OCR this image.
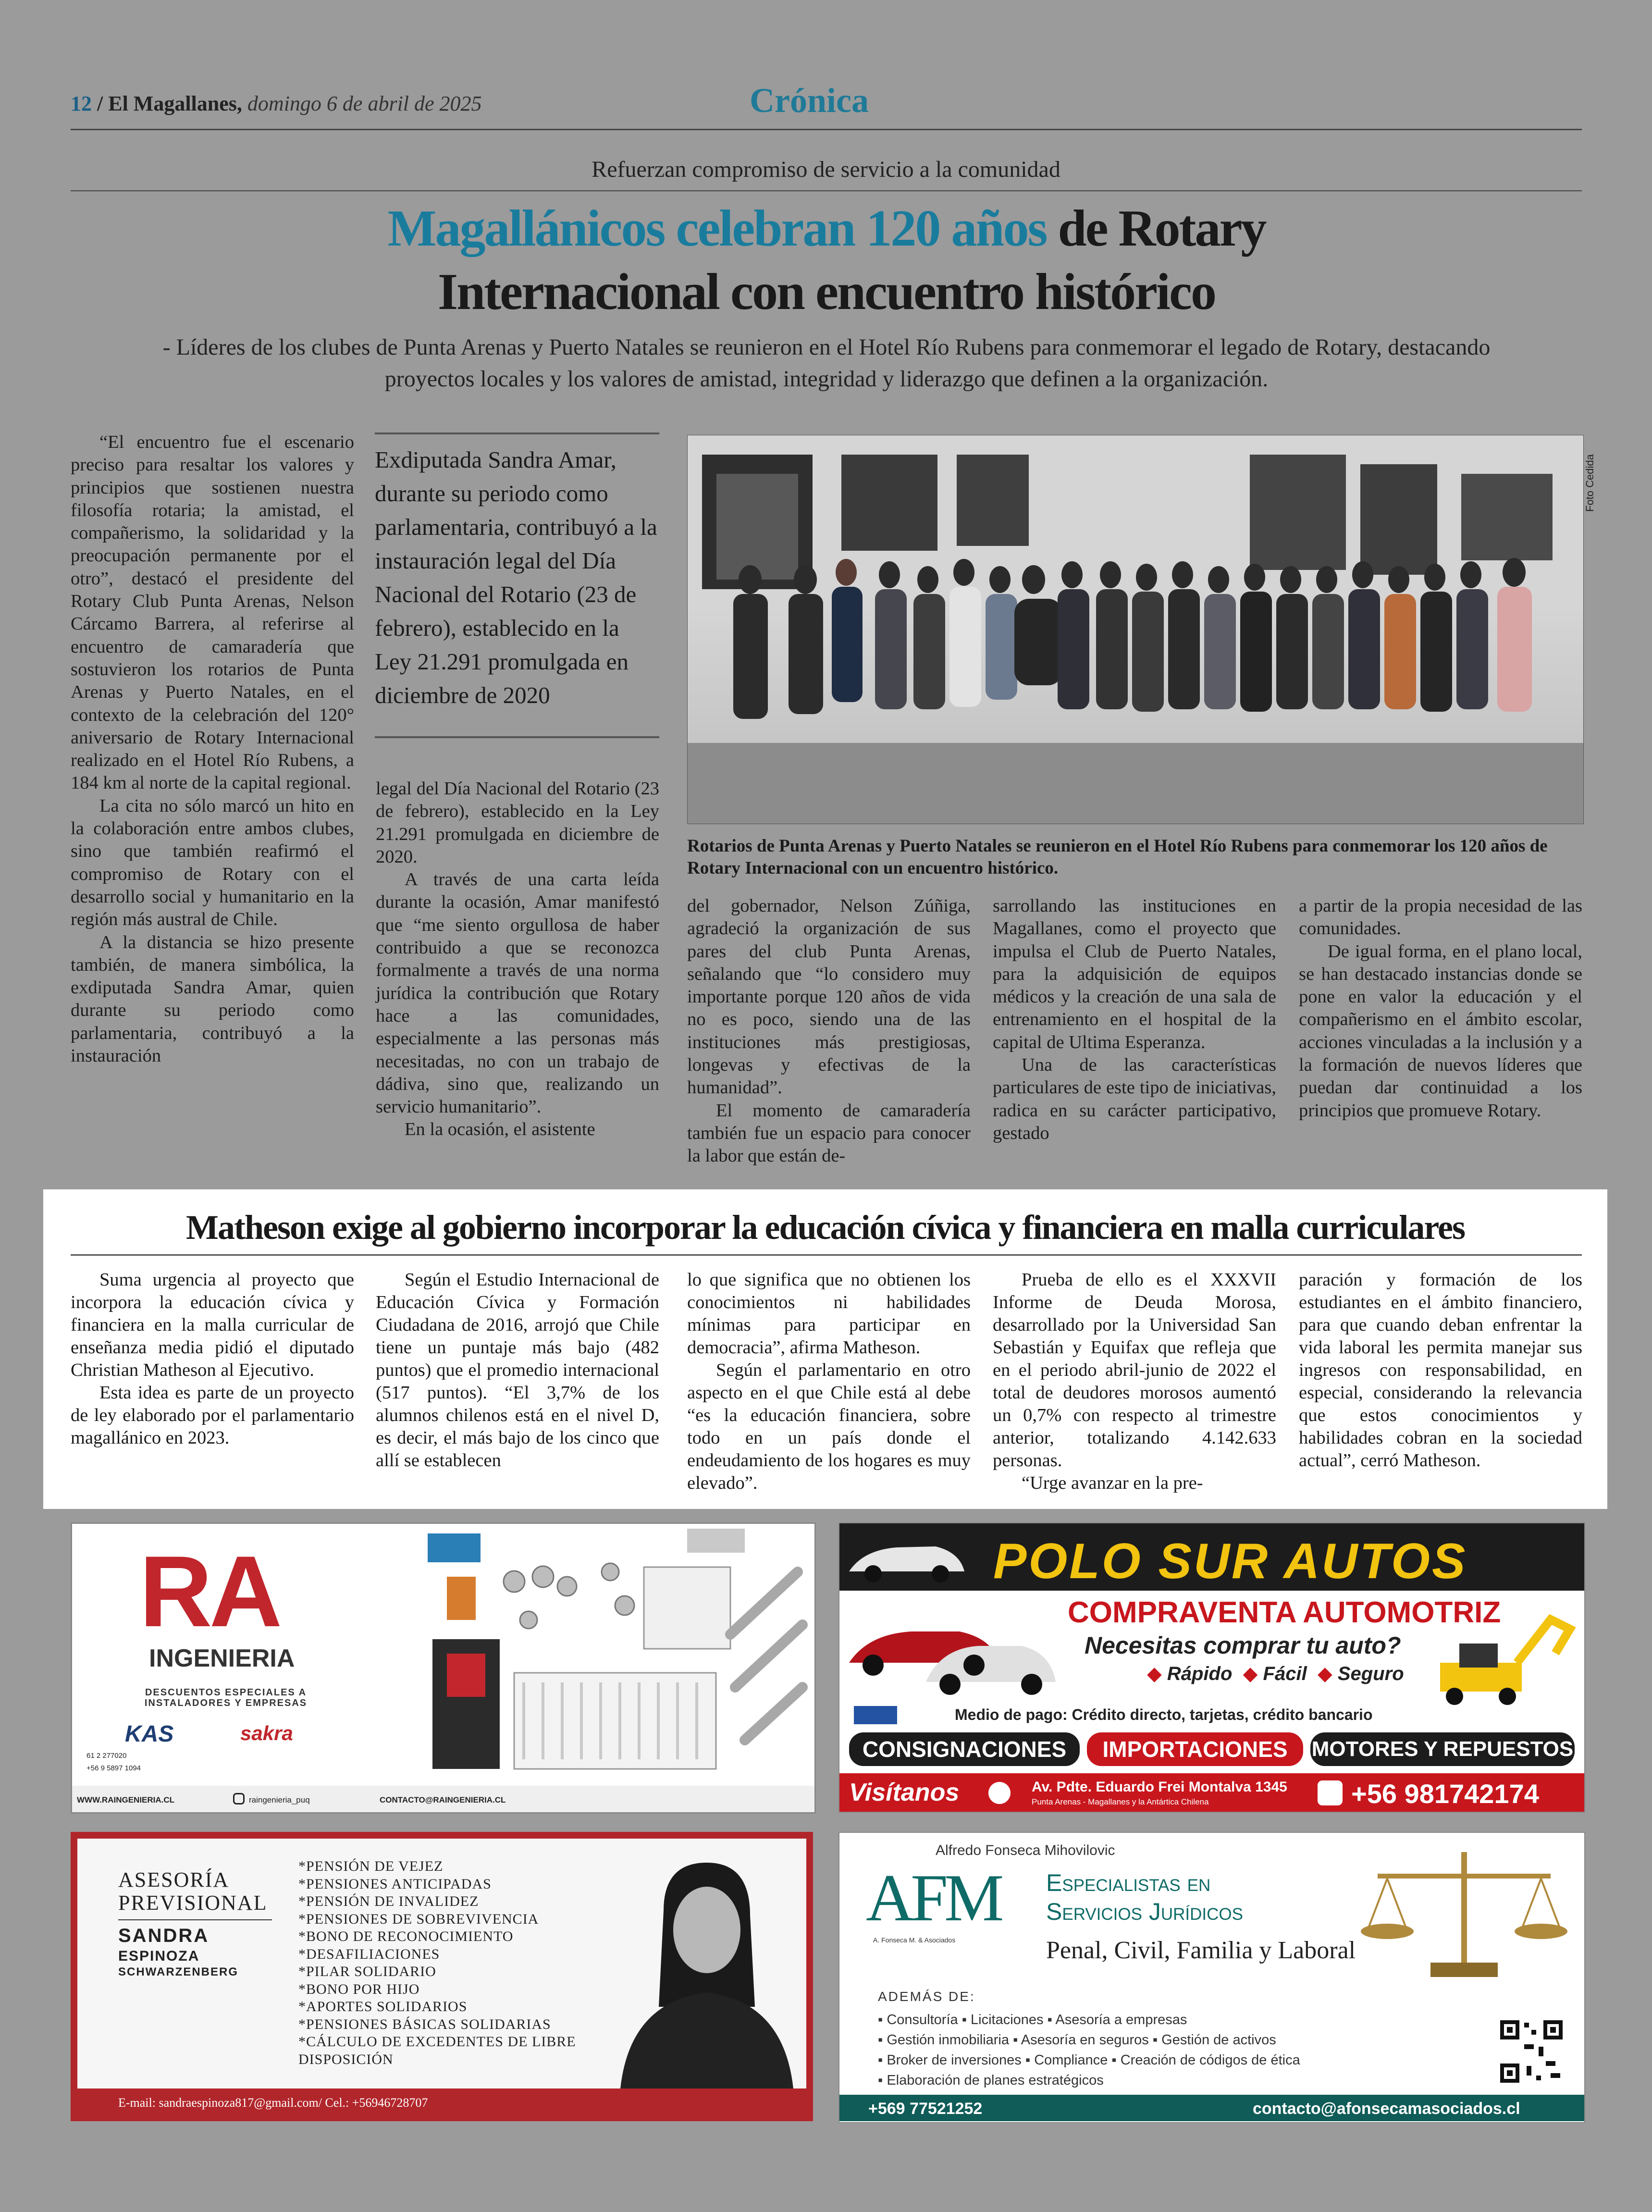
12 / El Magallanes, domingo 6 de abril de 2025	Crónica
Refuerzan compromiso de servicio a la comunidad
Magallánicos celebran 120 años de Rotary
Internacional con encuentro histórico
- Líderes de los clubes de Punta Arenas y Puerto Natales se reunieron en el Hotel Río Rubens para conmemorar el legado de Rotary, destacando proyectos locales y los valores de amistad, integridad y liderazgo que definen a la organización.

“El encuentro fue el escenario preciso para resaltar los valores y principios que sostienen nuestra filosofía rotaria; la amistad, el compañerismo, la solidaridad y la preocupación permanente por el otro”, destacó el presidente del Rotary Club Punta Arenas, Nelson Cárcamo Barrera, al referirse al encuentro de camaradería que sostuvieron los rotarios de Punta Arenas y Puerto Natales, en el contexto de la celebración del 120° aniversario de Rotary Internacional realizado en el Hotel Río Rubens, a 184 km al norte de la capital regional.

La cita no sólo marcó un hito en la colaboración entre ambos clubes, sino que también reafirmó el compromiso de Rotary con el desarrollo social y humanitario en la región más austral de Chile.

A la distancia se hizo presente también, de manera simbólica, la exdiputada Sandra Amar, quien durante su periodo como parlamentaria, contribuyó a la instauración

Exdiputada Sandra Amar, durante su periodo como parlamentaria, contribuyó a la instauración legal del Día Nacional del Rotario (23 de febrero), establecido en la Ley 21.291 promulgada en diciembre de 2020

legal del Día Nacional del Rotario (23 de febrero), establecido en la Ley 21.291 promulgada en diciembre de 2020.

A través de una carta leída durante la ocasión, Amar manifestó que “me siento orgullosa de haber contribuido a que se reconozca formalmente a través de una norma jurídica la contribución que Rotary hace a las comunidades, especialmente a las personas más necesitadas, no con un trabajo de dádiva, sino que, realizando un servicio humanitario”.

En la ocasión, el asistente

Foto Cedida
Rotarios de Punta Arenas y Puerto Natales se reunieron en el Hotel Río Rubens para conmemorar los 120 años de Rotary Internacional con un encuentro histórico.

del gobernador, Nelson Zúñiga, agradeció la organización de sus pares del club Punta Arenas, señalando que “lo considero muy importante porque 120 años de vida no es poco, siendo una de las instituciones más prestigiosas, longevas y efectivas de la humanidad”.

El momento de camaradería también fue un espacio para conocer la labor que están de-

sarrollando las instituciones en Magallanes, como el proyecto que impulsa el Club de Puerto Natales, para la adquisición de equipos médicos y la creación de una sala de entrenamiento en el hospital de la capital de Ultima Esperanza.

Una de las características particulares de este tipo de iniciativas, radica en su carácter participativo, gestado

a partir de la propia necesidad de las comunidades.

De igual forma, en el plano local, se han destacado instancias donde se pone en valor la educación y el compañerismo en el ámbito escolar, acciones vinculadas a la inclusión y a la formación de nuevos líderes que puedan dar continuidad a los principios que promueve Rotary.

Matheson exige al gobierno incorporar la educación cívica y financiera en malla curriculares

Suma urgencia al proyecto que incorpora la educación cívica y financiera en la malla curricular de enseñanza media pidió el diputado Christian Matheson al Ejecutivo.

Esta idea es parte de un proyecto de ley elaborado por el parlamentario magallánico en 2023.

Según el Estudio Internacional de Educación Cívica y Formación Ciudadana de 2016, arrojó que Chile tiene un puntaje más bajo (482 puntos) que el promedio internacional (517 puntos). “El 3,7% de los alumnos chilenos está en el nivel D, es decir, el más bajo de los cinco que allí se establecen

lo que significa que no obtienen los conocimientos ni habilidades mínimas para participar en democracia”, afirma Matheson.

Según el parlamentario en otro aspecto en el que Chile está al debe “es la educación financiera, sobre todo en un país donde el endeudamiento de los hogares es muy elevado”.

Prueba de ello es el XXXVII Informe de Deuda Morosa, desarrollado por la Universidad San Sebastián y Equifax que refleja que en el periodo abril-junio de 2022 el total de deudores morosos aumentó un 0,7% con respecto al trimestre anterior, totalizando 4.142.633 personas.

“Urge avanzar en la pre-

paración y formación de los estudiantes en el ámbito financiero, para que cuando deban enfrentar la vida laboral les permita manejar sus ingresos con responsabilidad, en especial, considerando la relevancia que estos conocimientos y habilidades cobran en la sociedad actual”, cerró Matheson.

RA
INGENIERIA
DESCUENTOS ESPECIALES A INSTALADORES Y EMPRESAS
KAS	sakra
61 2 277020
+56 9 5897 1094
WWW.RAINGENIERIA.CL	raingenieria_puq	CONTACTO@RAINGENIERIA.CL
POLO SUR AUTOS
COMPRAVENTA AUTOMOTRIZ
Necesitas comprar tu auto?
◆ Rápido  ◆ Fácil  ◆ Seguro
Medio de pago: Crédito directo, tarjetas, crédito bancario
CONSIGNACIONES	IMPORTACIONES	MOTORES Y REPUESTOS
Visítanos	Av. Pdte. Eduardo Frei Montalva 1345
Punta Arenas - Magallanes y la Antártica Chilena	+56 981742174
ASESORÍA
PREVISIONAL
SANDRA
ESPINOZA
SCHWARZENBERG
*PENSIÓN DE VEJEZ
*PENSIONES ANTICIPADAS
*PENSIÓN DE INVALIDEZ
*PENSIONES DE SOBREVIVENCIA
*BONO DE RECONOCIMIENTO
*DESAFILIACIONES
*PILAR SOLIDARIO
*BONO POR HIJO
*APORTES SOLIDARIOS
*PENSIONES BÁSICAS SOLIDARIAS
*CÁLCULO DE EXCEDENTES DE LIBRE DISPOSICIÓN
E-mail: sandraespinoza817@gmail.com/ Cel.: +56946728707
Alfredo Fonseca Mihovilovic
AFM
A. Fonseca M. & Asociados
Especialistas en
Servicios Jurídicos
Penal, Civil, Familia y Laboral
ADEMÁS DE:
▪ Consultoría ▪ Licitaciones ▪ Asesoría a empresas
▪ Gestión inmobiliaria ▪ Asesoría en seguros ▪ Gestión de activos
▪ Broker de inversiones ▪ Compliance ▪ Creación de códigos de ética
▪ Elaboración de planes estratégicos
+569 77521252	contacto@afonsecamasociados.cl
